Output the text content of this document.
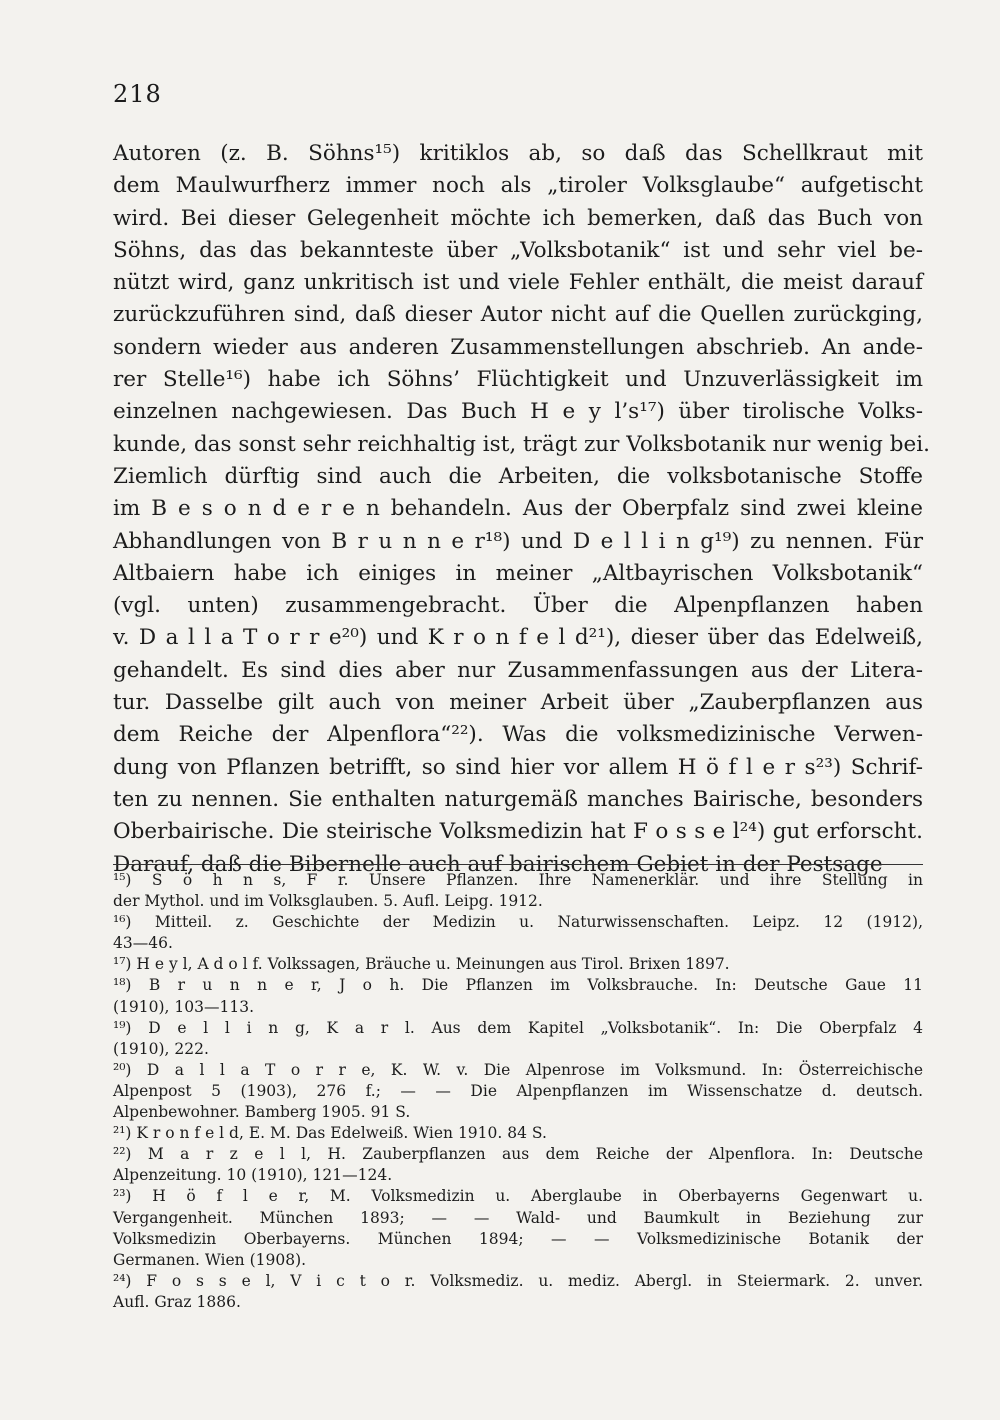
218
Autoren (z. B. Söhns¹⁵) kritiklos ab, so daß das Schellkraut mit
dem Maulwurfherz immer noch als „tiroler Volksglaube“ aufgetischt
wird. Bei dieser Gelegenheit möchte ich bemerken, daß das Buch von
Söhns, das das bekannteste über „Volksbotanik“ ist und sehr viel be-
nützt wird, ganz unkritisch ist und viele Fehler enthält, die meist darauf
zurückzuführen sind, daß dieser Autor nicht auf die Quellen zurückging,
sondern wieder aus anderen Zusammenstellungen abschrieb. An ande-
rer Stelle¹⁶) habe ich Söhns’ Flüchtigkeit und Unzuverlässigkeit im
einzelnen nachgewiesen. Das Buch H e y l’s¹⁷) über tirolische Volks-
kunde, das sonst sehr reichhaltig ist, trägt zur Volksbotanik nur wenig bei.
Ziemlich dürftig sind auch die Arbeiten, die volksbotanische Stoffe
im B e s o n d e r e n behandeln. Aus der Oberpfalz sind zwei kleine
Abhandlungen von B r u n n e r¹⁸) und D e l l i n g¹⁹) zu nennen. Für
Altbaiern habe ich einiges in meiner „Altbayrischen Volksbotanik“
(vgl. unten) zusammengebracht. Über die Alpenpflanzen haben
v. D a l l a T o r r e²⁰) und K r o n f e l d²¹), dieser über das Edelweiß,
gehandelt. Es sind dies aber nur Zusammenfassungen aus der Litera-
tur. Dasselbe gilt auch von meiner Arbeit über „Zauberpflanzen aus
dem Reiche der Alpenflora“²²). Was die volksmedizinische Verwen-
dung von Pflanzen betrifft, so sind hier vor allem H ö f l e r s²³) Schrif-
ten zu nennen. Sie enthalten naturgemäß manches Bairische, besonders
Oberbairische. Die steirische Volksmedizin hat F o s s e l²⁴) gut erforscht.
Darauf, daß die Bibernelle auch auf bairischem Gebiet in der Pestsage
¹⁵) S ö h n s, F r. Unsere Pflanzen. Ihre Namenerklär. und ihre Stellung in
der Mythol. und im Volksglauben. 5. Aufl. Leipg. 1912.
¹⁶) Mitteil. z. Geschichte der Medizin u. Naturwissenschaften. Leipz. 12 (1912),
43—46.
¹⁷) H e y l, A d o l f. Volkssagen, Bräuche u. Meinungen aus Tirol. Brixen 1897.
¹⁸) B r u n n e r, J o h. Die Pflanzen im Volksbrauche. In: Deutsche Gaue 11
(1910), 103—113.
¹⁹) D e l l i n g, K a r l. Aus dem Kapitel „Volksbotanik“. In: Die Oberpfalz 4
(1910), 222.
²⁰) D a l l a T o r r e, K. W. v. Die Alpenrose im Volksmund. In: Österreichische
Alpenpost 5 (1903), 276 f.; — — Die Alpenpflanzen im Wissenschatze d. deutsch.
Alpenbewohner. Bamberg 1905. 91 S.
²¹) K r o n f e l d, E. M. Das Edelweiß. Wien 1910. 84 S.
²²) M a r z e l l, H. Zauberpflanzen aus dem Reiche der Alpenflora. In: Deutsche
Alpenzeitung. 10 (1910), 121—124.
²³) H ö f l e r, M. Volksmedizin u. Aberglaube in Oberbayerns Gegenwart u.
Vergangenheit. München 1893; — — Wald- und Baumkult in Beziehung zur
Volksmedizin Oberbayerns. München 1894; — — Volksmedizinische Botanik der
Germanen. Wien (1908).
²⁴) F o s s e l, V i c t o r. Volksmediz. u. mediz. Abergl. in Steiermark. 2. unver.
Aufl. Graz 1886.
